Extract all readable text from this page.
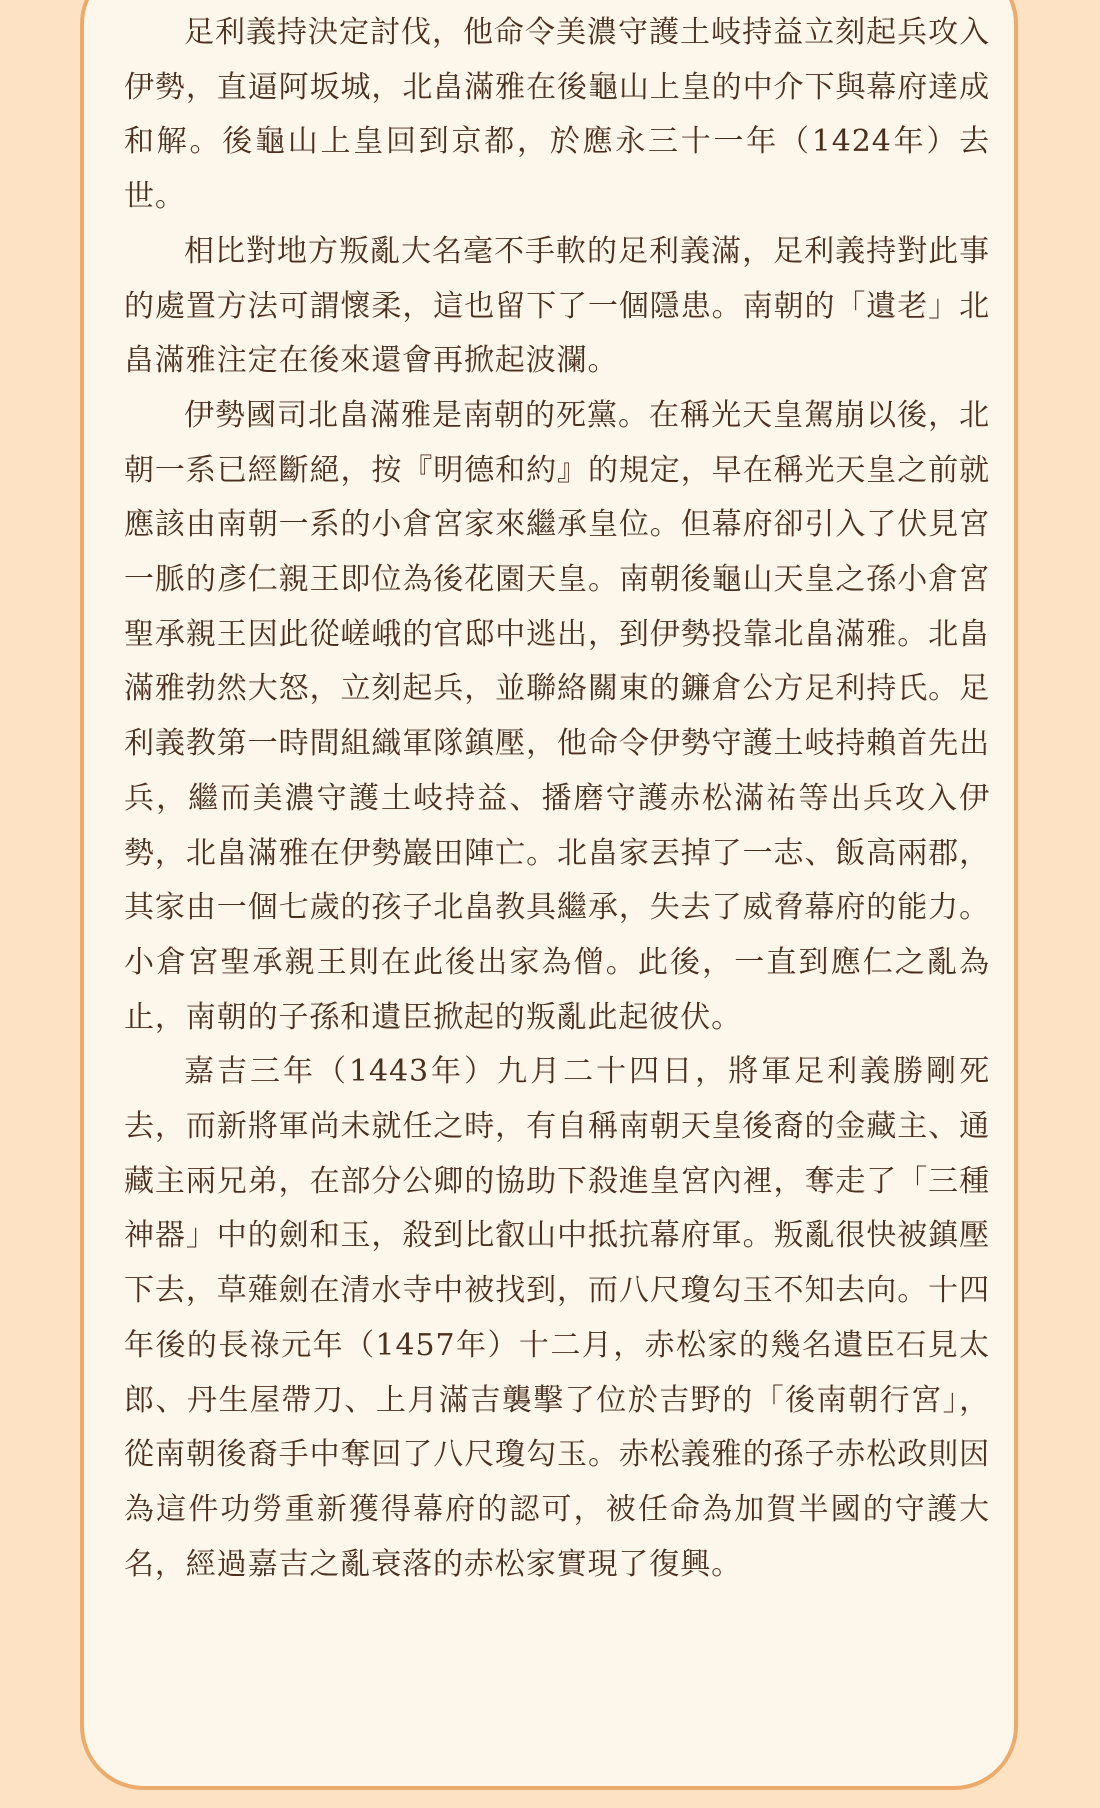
足利義持決定討伐，他命令美濃守護土岐持益立刻起兵攻入伊勢，直逼阿坂城，北畠滿雅在後龜山上皇的中介下與幕府達成和解。後龜山上皇回到京都，於應永三十一年（1424年）去世。

相比對地方叛亂大名毫不手軟的足利義滿，足利義持對此事的處置方法可謂懷柔，這也留下了一個隱患。南朝的「遺老」北畠滿雅注定在後來還會再掀起波瀾。

伊勢國司北畠滿雅是南朝的死黨。在稱光天皇駕崩以後，北朝一系已經斷絕，按『明德和約』的規定，早在稱光天皇之前就應該由南朝一系的小倉宮家來繼承皇位。但幕府卻引入了伏見宮一脈的彥仁親王即位為後花園天皇。南朝後龜山天皇之孫小倉宮聖承親王因此從嵯峨的官邸中逃出，到伊勢投靠北畠滿雅。北畠滿雅勃然大怒，立刻起兵，並聯絡關東的鐮倉公方足利持氏。足利義教第一時間組織軍隊鎮壓，他命令伊勢守護土岐持賴首先出兵，繼而美濃守護土岐持益、播磨守護赤松滿祐等出兵攻入伊勢，北畠滿雅在伊勢巖田陣亡。北畠家丟掉了一志、飯高兩郡，其家由一個七歲的孩子北畠教具繼承，失去了威脅幕府的能力。小倉宮聖承親王則在此後出家為僧。此後，一直到應仁之亂為止，南朝的子孫和遺臣掀起的叛亂此起彼伏。

嘉吉三年（1443年）九月二十四日，將軍足利義勝剛死去，而新將軍尚未就任之時，有自稱南朝天皇後裔的金藏主、通藏主兩兄弟，在部分公卿的協助下殺進皇宮內裡，奪走了「三種神器」中的劍和玉，殺到比叡山中抵抗幕府軍。叛亂很快被鎮壓下去，草薙劍在清水寺中被找到，而八尺瓊勾玉不知去向。十四年後的長祿元年（1457年）十二月，赤松家的幾名遺臣石見太郎、丹生屋帶刀、上月滿吉襲擊了位於吉野的「後南朝行宮」，從南朝後裔手中奪回了八尺瓊勾玉。赤松義雅的孫子赤松政則因為這件功勞重新獲得幕府的認可，被任命為加賀半國的守護大名，經過嘉吉之亂衰落的赤松家實現了復興。
